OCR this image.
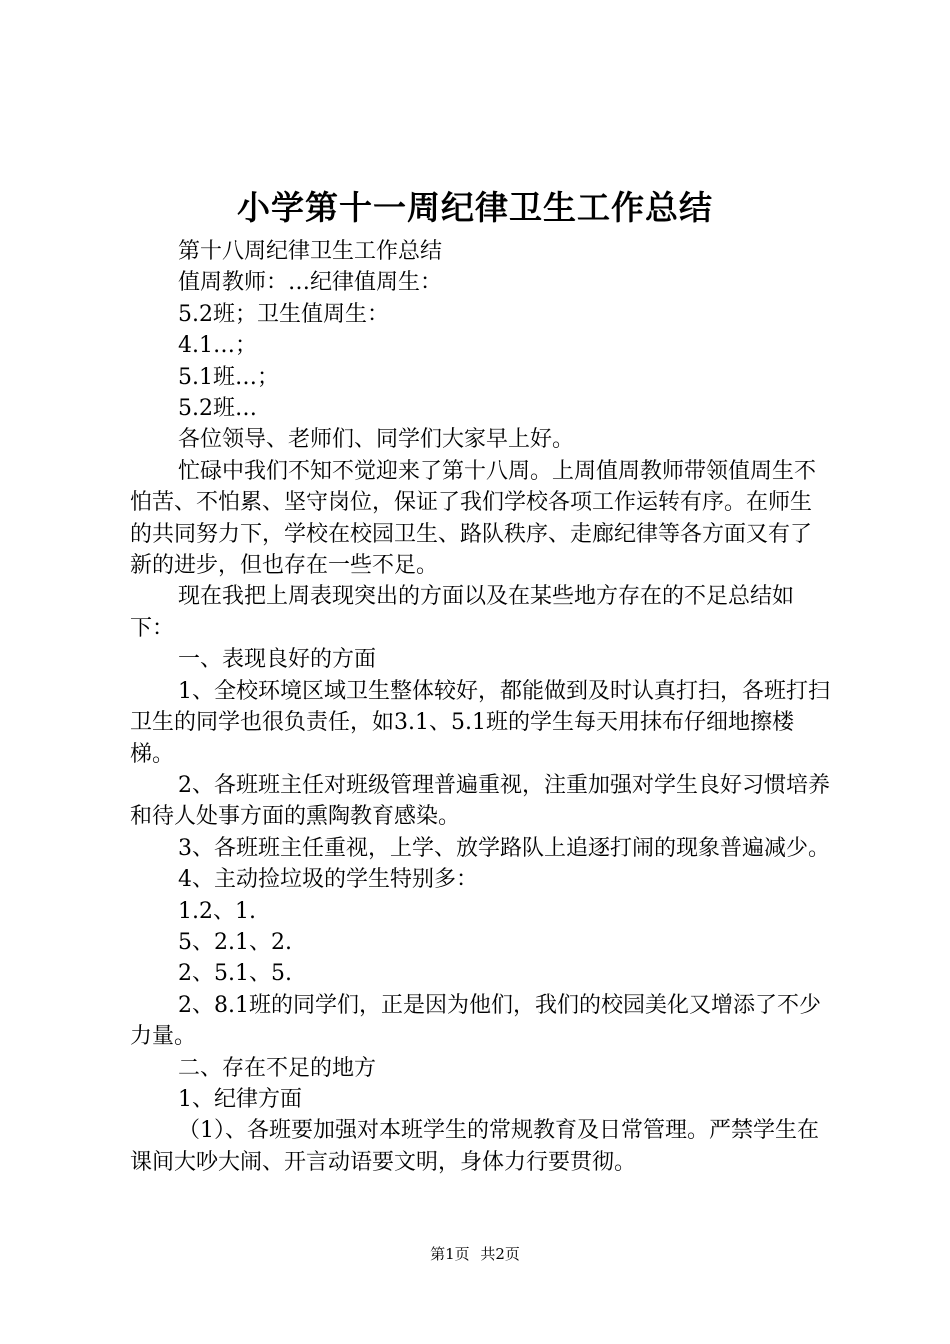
小学第十一周纪律卫生工作总结

第十八周纪律卫生工作总结

值周教师：…纪律值周生：

5.2班；卫生值周生：

4.1…；

5.1班…；

5.2班…

各位领导、老师们、同学们大家早上好。

忙碌中我们不知不觉迎来了第十八周。上周值周教师带领值周生不怕苦、不怕累、坚守岗位，保证了我们学校各项工作运转有序。在师生的共同努力下，学校在校园卫生、路队秩序、走廊纪律等各方面又有了新的进步，但也存在一些不足。

现在我把上周表现突出的方面以及在某些地方存在的不足总结如下：

一、表现良好的方面

1、全校环境区域卫生整体较好，都能做到及时认真打扫，各班打扫卫生的同学也很负责任，如3.1、5.1班的学生每天用抹布仔细地擦楼梯。

2、各班班主任对班级管理普遍重视，注重加强对学生良好习惯培养和待人处事方面的熏陶教育感染。

3、各班班主任重视，上学、放学路队上追逐打闹的现象普遍减少。

4、主动捡垃圾的学生特别多：

1.2、1.

5、2.1、2.

2、5.1、5.

2、8.1班的同学们，正是因为他们，我们的校园美化又增添了不少力量。

二、存在不足的地方

1、纪律方面

（1）、各班要加强对本班学生的常规教育及日常管理。严禁学生在课间大吵大闹、开言动语要文明，身体力行要贯彻。

第1页 共2页
